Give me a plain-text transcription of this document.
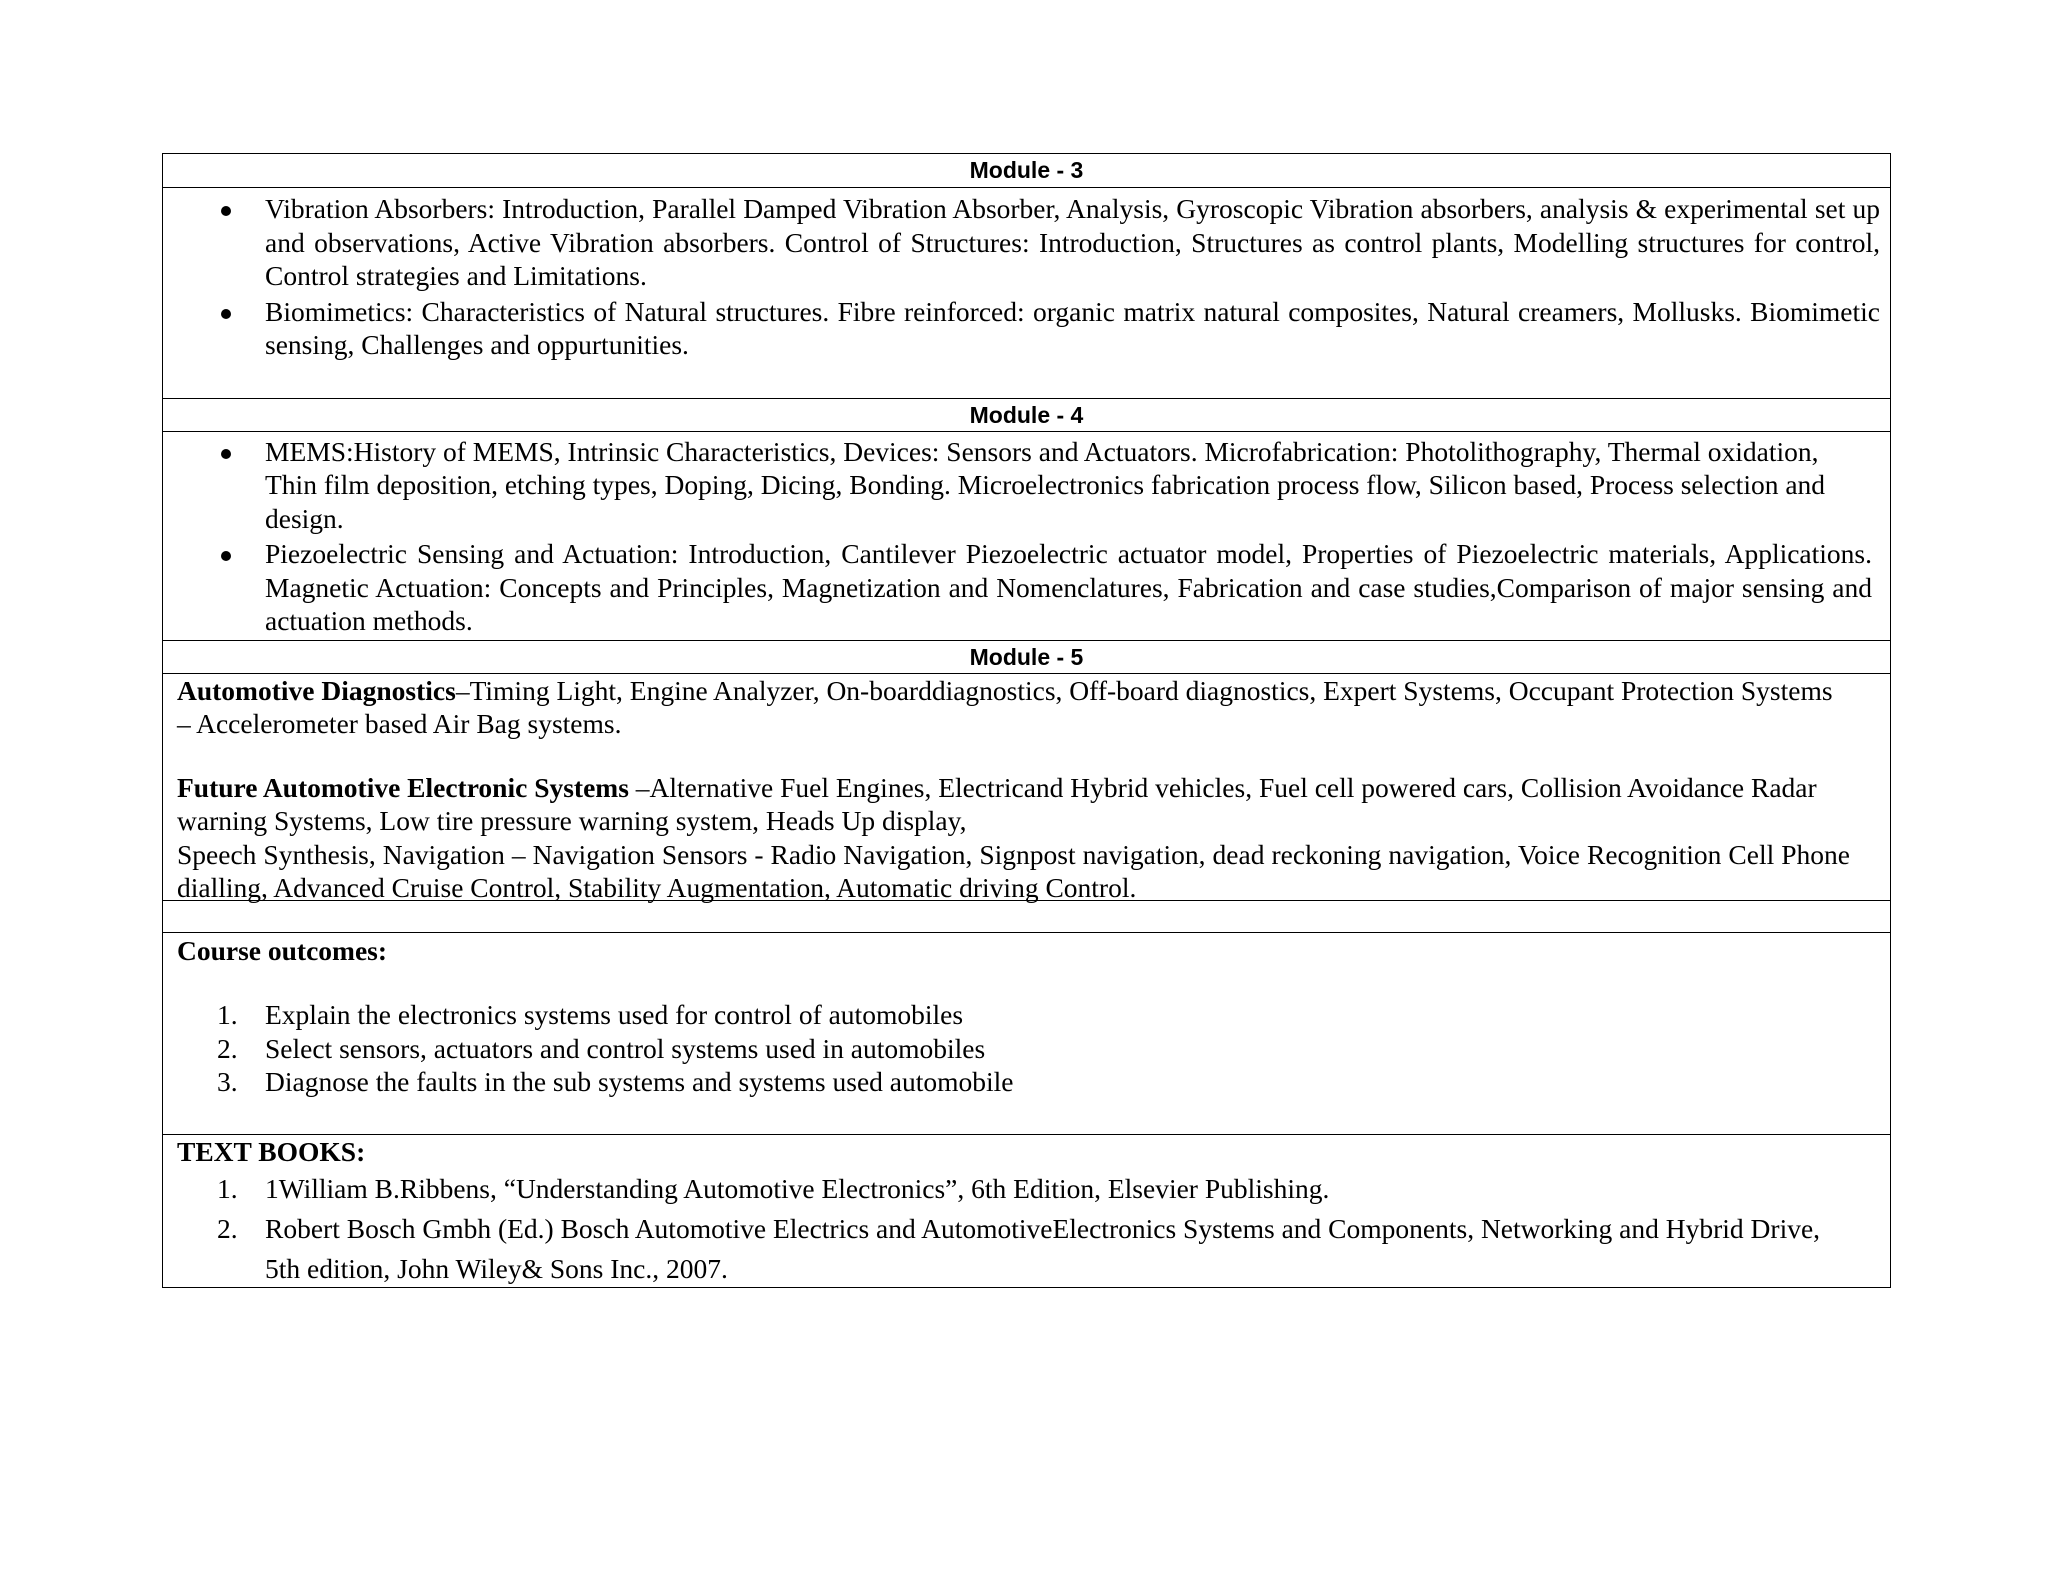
Module - 3
Vibration Absorbers: Introduction, Parallel Damped Vibration Absorber, Analysis, Gyroscopic Vibration absorbers, analysis & experimental set up and observations, Active Vibration absorbers. Control of Structures: Introduction, Structures as control plants, Modelling structures for control, Control strategies and Limitations.
Biomimetics: Characteristics of Natural structures. Fibre reinforced: organic matrix natural composites, Natural creamers, Mollusks. Biomimetic sensing, Challenges and oppurtunities.
Module - 4
MEMS:History of MEMS, Intrinsic Characteristics, Devices: Sensors and Actuators. Microfabrication: Photolithography, Thermal oxidation, Thin film deposition, etching types, Doping, Dicing, Bonding. Microelectronics fabrication process flow, Silicon based, Process selection and design.
Piezoelectric Sensing and Actuation: Introduction, Cantilever Piezoelectric actuator model, Properties of Piezoelectric materials, Applications. Magnetic Actuation: Concepts and Principles, Magnetization and Nomenclatures, Fabrication and case studies,Comparison of major sensing and actuation methods.
Module - 5

Automotive Diagnostics–Timing Light, Engine Analyzer, On-boarddiagnostics, Off-board diagnostics, Expert Systems, Occupant Protection Systems – Accelerometer based Air Bag systems.

Future Automotive Electronic Systems –Alternative Fuel Engines, Electricand Hybrid vehicles, Fuel cell powered cars, Collision Avoidance Radar warning Systems, Low tire pressure warning system, Heads Up display,

Speech Synthesis, Navigation – Navigation Sensors - Radio Navigation, Signpost navigation, dead reckoning navigation, Voice Recognition Cell Phone dialling, Advanced Cruise Control, Stability Augmentation, Automatic driving Control.

Course outcomes:
1. Explain the electronics systems used for control of automobiles
2. Select sensors, actuators and control systems used in automobiles
3. Diagnose the faults in the sub systems and systems used automobile
TEXT BOOKS:
1. 1William B.Ribbens, “Understanding Automotive Electronics”, 6th Edition, Elsevier Publishing.
2. Robert Bosch Gmbh (Ed.) Bosch Automotive Electrics and AutomotiveElectronics Systems and Components, Networking and Hybrid Drive, 5th edition, John Wiley& Sons Inc., 2007.
